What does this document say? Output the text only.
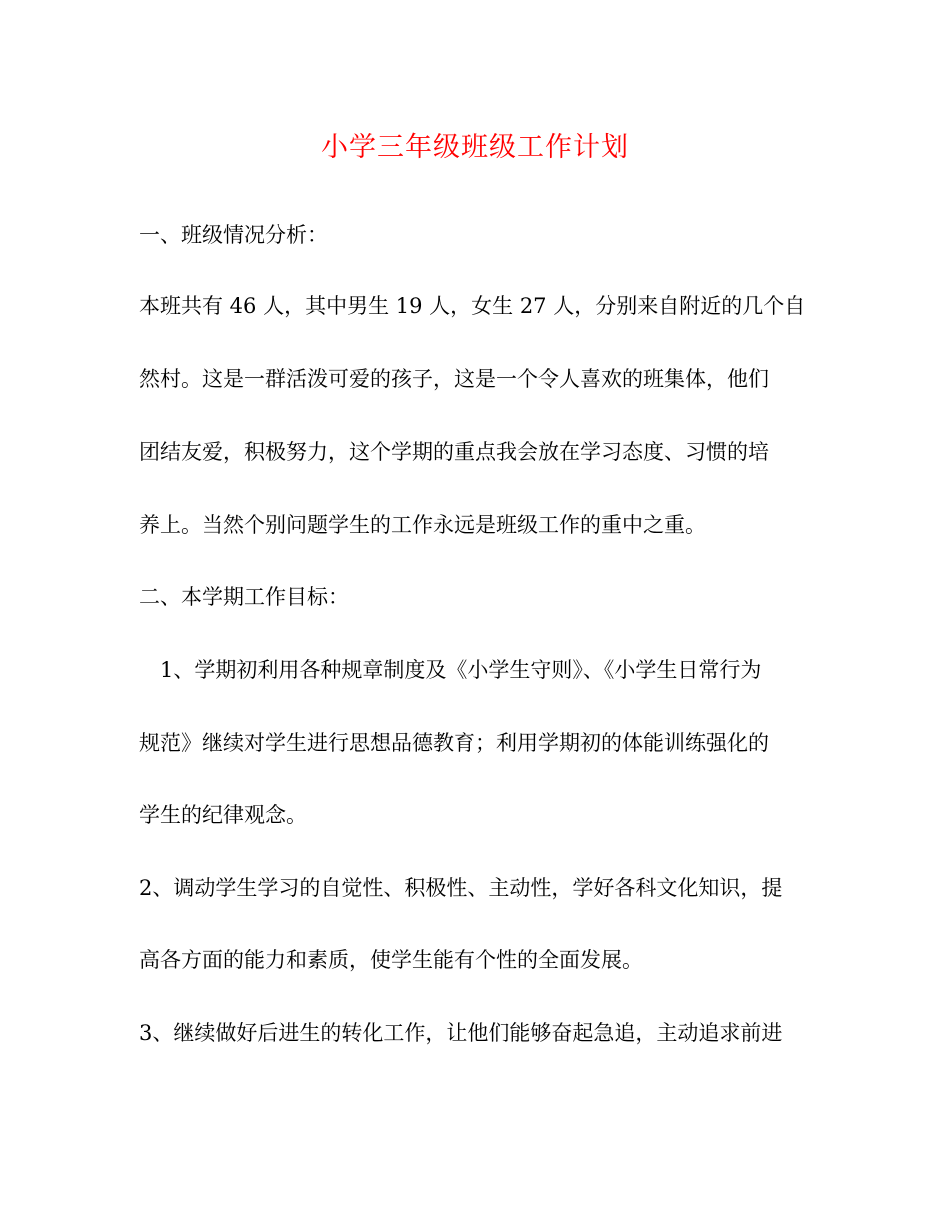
小学三年级班级工作计划
一、班级情况分析：
本班共有 46 人，其中男生 19 人，女生 27 人，分别来自附近的几个自
然村。这是一群活泼可爱的孩子，这是一个令人喜欢的班集体，他们
团结友爱，积极努力，这个学期的重点我会放在学习态度、习惯的培
养上。当然个别问题学生的工作永远是班级工作的重中之重。
二、本学期工作目标：
1、学期初利用各种规章制度及《小学生守则》、《小学生日常行为
规范》继续对学生进行思想品德教育；利用学期初的体能训练强化的
学生的纪律观念。
2、调动学生学习的自觉性、积极性、主动性，学好各科文化知识，提
高各方面的能力和素质，使学生能有个性的全面发展。
3、继续做好后进生的转化工作，让他们能够奋起急追，主动追求前进
